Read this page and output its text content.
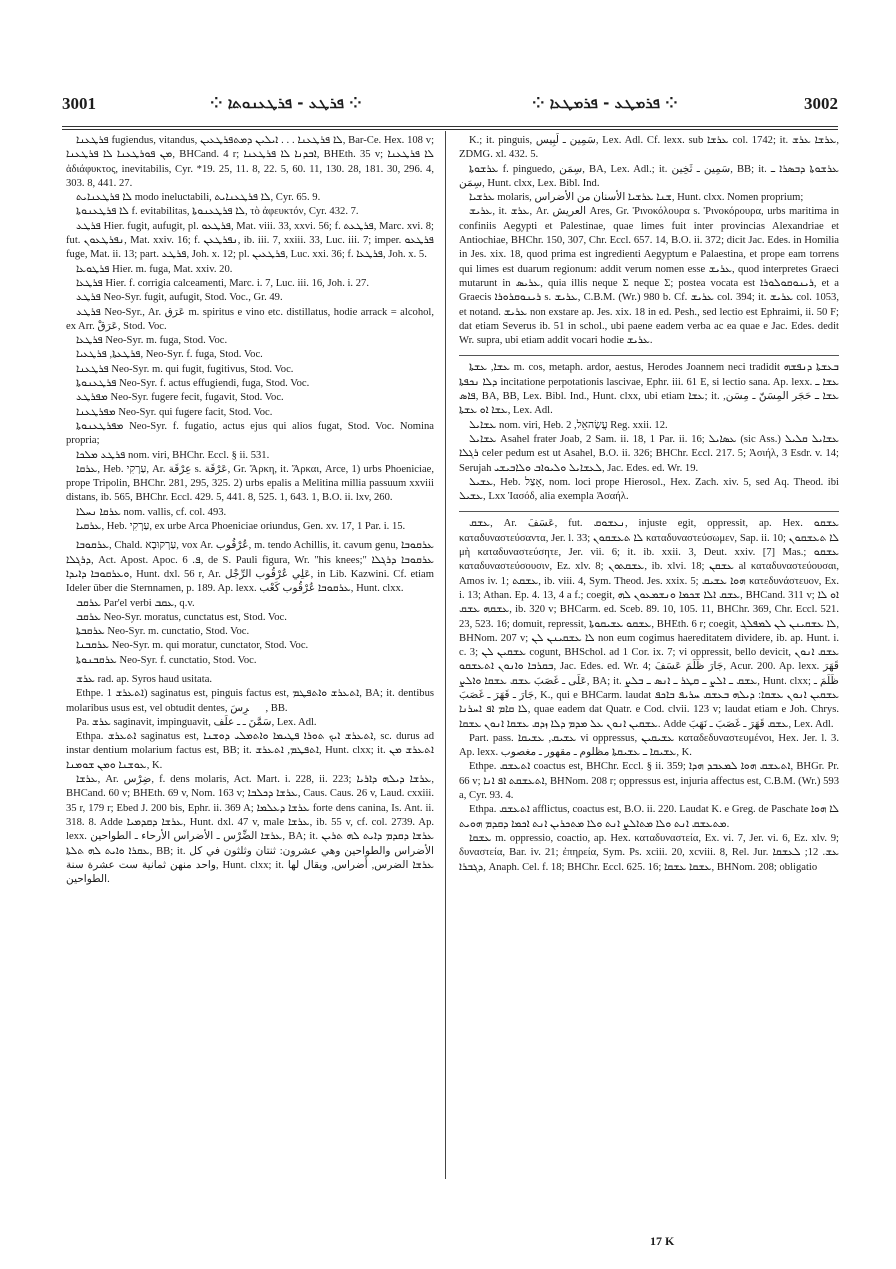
3001	⁘ ܦܪܛܥ - ܦܪܛܥܢܘܬܐ ⁘	⁘ ܦܪܡܛܥ - ܦܪܡܛܥܐ ⁘	3002

ܦܪܛܥܢܐ fugiendus, vitandus, ܠܐ ܦܪܛܥܢܐ . . . ܐܝܠܝܢ ܕܡܬܦܪܛܥܝܢ, Bar-Ce. Hex. 108 v; ܡܢ ܦܘܪܛܥܢܐ ܠܐ ܦܪܛܥܢܐ, BHCand. 4 r; ܐܒܕܢܐ ܠܐ ܦܪܛܥܢܐ, BHEth. 35 v; ܠܐ ܦܪܛܥܢܐ ἀδιάφυκτος, inevitabilis, Cyr. *19. 25, 11. 8, 22. 5, 60. 11, 130. 28, 181. 30, 296. 4, 303. 8, 441. 27.

ܠܐ ܦܪܛܥܢܐܝܬ modo ineluctabili, ܠܐ ܦܪܛܥܢܐܝܬ, Cyr. 65. 9.

ܠܐ ܦܪܛܥܢܘܬܐ f. evitabilitas, ܠܐ ܦܪܛܥܢܘܬܐ, τὸ ἀφευκτόν, Cyr. 432. 7.

ܦܪܛܥ Hier. fugit, aufugit, pl. ܦܪܛܥܘ, Mat. viii. 33, xxvi. 56; f. ܦܪܛܥܬ, Marc. xvi. 8; fut. ܢܦܪܛܥܘܢ, Mat. xxiv. 16; f. ܢܦܪܛܥܢ, ib. iii. 7, xxiii. 33, Luc. iii. 7; imper. ܦܪܛܥܘ fuge, Mat. ii. 13; part. ܦܪܛܥ, Joh. x. 12; pl. ܦܪܛܥܝܢ, Luc. xxi. 36; f. ܦܪܛܥܐ, Joh. x. 5.

ܦܪܛܘܥܐ Hier. m. fuga, Mat. xxiv. 20.

ܦܪܛܥܐ Hier. f. corrigia calceamenti, Marc. i. 7, Luc. iii. 16, Joh. i. 27.

ܦܪܛܥ Neo-Syr. fugit, aufugit, Stod. Voc., Gr. 49.

ܦܪܛܥ Neo-Syr., Ar. عَرَق m. spiritus e vino etc. distillatus, hodie arrack = alcohol, ex Arr. عَرَقْ, Stod. Voc.

ܦܪܛܥܐ Neo-Syr. m. fuga, Stod. Voc.

ܦܪܛܥܬܐ, ܦܪܛܥܝܐ, Neo-Syr. f. fuga, Stod. Voc.

ܦܪܛܥܢܐ Neo-Syr. m. qui fugit, fugitivus, Stod. Voc.

ܦܪܛܥܢܘܬܐ Neo-Syr. f. actus effugiendi, fuga, Stod. Voc.

ܡܦܪܛܥ Neo-Syr. fugere fecit, fugavit, Stod. Voc.

ܡܦܪܛܥܢܐ Neo-Syr. qui fugere facit, Stod. Voc.

ܡܦܪܛܥܢܘܬܐ Neo-Syr. f. fugatio, actus ejus qui alios fugat, Stod. Voc. Nomina propria;

ܦܪܛܥ ܡܠܟܐ nom. viri, BHChr. Eccl. § ii. 531.

ܥܪܩܐ, Heb. עַרְקִי, Ar. عِرْقَة s. عَرْقَة, Gr. Ἄρκη, it. Ἄρκαι, Arce, 1) urbs Phoeniciae, prope Tripolin, BHChr. 281, 295, 325. 2) urbs epalis a Melitina millia passuum xxviii distans, ib. 565, BHChr. Eccl. 429. 5, 441. 8, 525. 1, 643. 1, B.O. ii. lxv, 260.

ܥܪܩܐ ܢܚܠܐ nom. vallis, cf. col. 493.

ܥܪܩܝܐ, Heb. עַרְקִי, ex urbe Arca Phoeniciae oriundus, Gen. xv. 17, 1 Par. i. 15.

ܥܪܩܘܒܐ, Chald. עַרְקוּבָא, vox Ar. عُرْقُوب, m. tendo Achillis, it. cavum genu, ܥܪܩܘܒܐ ܕܪܓܠܐ, Act. Apost. Apoc. ܦ. 6, de S. Pauli figura, Wr. "his knees;" ܥܪܩܘܒܐ ܕܪܓܠܐ ܘܥܪܩܘܒܐ ܕܐܝܕܐ, Hunt. dxl. 56 r, Ar. عَلِي عُرْقُوب الرِّجْل, in Lib. Kazwini. Cf. etiam Ideler über die Sternnamen, p. 189. Ap. lexx. ܥܪܩܘܒܐ عُرْقُوب كَعْب, Hunt. clxx.

ܥܪܩܒ Par'el verbi ܥܩܒ, q.v.

ܥܪܩܒ Neo-Syr. moratus, cunctatus est, Stod. Voc.

ܥܪܩܒܬܐ Neo-Syr. m. cunctatio, Stod. Voc.

ܥܪܩܒܢܐ Neo-Syr. m. qui moratur, cunctator, Stod. Voc.

ܥܪܩܒܢܘܬܐ Neo-Syr. f. cunctatio, Stod. Voc.

ܥܪܫ rad. ap. Syros haud usitata.

Ethpe. ܐܬܥܪܫ 1) saginatus est, pinguis factus est, ܐܬܥܪܫ ܘܐܬܦܛܡ, BA; it. dentibus molaribus usus est, vel obtudit dentes, ܩُرِسَ, BB.

Pa. ܥܪܫ saginavit, impinguavit, سَمَّنَ ـ ـ علَف, Lex. Adl.

Ethpa. ܐܬܥܪܫ saginatus est, ܐܬܥܪܫ ܐܝܟ ܬܘܪܐ ܦܛܝܡܐ ܘܐܬܡܠܝ ܕܘܫܢܐ, sc. durus ad instar dentium molarium factus est, BB; it. ܐܬܦܛܡ, ܐܬܥܪܫ, Hunt. clxx; it. ܐܬܥܪܫ ܡܢ ܥܘܫܢܐ ܘܡܢ ܫܘܡܢܐ, K.

ܥܪܫܐ, Ar. ضِرْس, f. dens molaris, Act. Mart. i. 228, ii. 223; ܥܪܫܐ ܕܝܠܗ ܕܐܪܝܐ, BHCand. 60 v; BHEth. 69 v, Nom. 163 v; ܥܪܫܐ ܕܟܠܒܐ, Caus. Caus. 26 v, Laud. cxxiii. 35 r, 179 r; Ebed J. 200 bis, Ephr. ii. 369 A; ܥܪܫܐ ܕܥܠܡܐ forte dens canina, Is. Ant. ii. 318. 8. Adde ܥܪܫܐ ܕܩܕܡܝܐ, Hunt. dxl. 47 v, male ܥܪܫܐ, ib. 55 v, cf. col. 2739. Ap. lexx. ܥܪܫܐ الضِّرْس ـ الأضراس الأرحاء ـ الطواحين, BA; it. ܥܪܫܐ ܕܩܕܡ ܕܐܝܬ ܠܗ ܬܪܝܢ ܥܩܪܐ ܘܐܝܬ ܠܗ ܬܠܬܐ, BB; it. الأضراس والطواحين وهي عشرون: ثنتان وثلثون في كل واحد منهن ثمانية ست عشرة سنة, Hunt. clxx; it. ܥܪܫܐ الضرس, أضراس, ويقال لها الطواحين.

K.; it. pinguis, سَمِين ـ لَبِيس, Lex. Adl. Cf. lexx. sub ܥܪܫܐ col. 1742; it. ܥܪܫܐ ܥܪܫ, ZDMG. xl. 432. 5.

ܥܪܫܘܬܐ f. pinguedo, سِمَن, BA, Lex. Adl.; it. سَمِين ـ ثَخِين, BB; it. ܥܪܫܘܬܐ ܕܒܣܪܐ ـ سِمَن, Hunt. clxx, Lex. Bibl. Ind.

ܥܪܫܝܐ molaris, ܫܢܐ ܥܪܫܝܐ الأسنان من الأضراس, Hunt. clxx. Nomen proprium;

ܥܪܝܫ, it. ܥܪܫ, Ar. العريش Ares, Gr. Ῥινοκόλουρα s. Ῥινοκόρουρα, urbs maritima in confiniis Aegypti et Palestinae, quae limes fuit inter provincias Alexandriae et Antiochiae, BHChr. 150, 307, Chr. Eccl. 657. 14, B.O. ii. 372; dicit Jac. Edes. in Homilia in Jes. xix. 18, quod prima est ingredienti Aegyptum e Palaestina, et prope eam torrens qui limes est duarum regionum: addit verum nomen esse ܥܪܝܫ, quod interpretes Graeci mutarunt in ܥܪܝܣ, quia illis neque Σ neque Σ; postea vocata est ܪܝܢܘܩܘܠܘܪܐ, et a Graecis ܪܝܢܘܩܪܘܪܐ s. ܥܪܝܫ, C.B.M. (Wr.) 980 b. Cf. ܥܪܝܫ col. 394; it. ܥܪܝܫ col. 1053, et notand. ܥܪܝܫ non exstare ap. Jes. xix. 18 in ed. Pesh., sed lectio est Ephraimi, ii. 50 F; dat etiam Severus ib. 51 in schol., ubi paene eadem verba ac ea quae e Jac. Edes. dedit Wr. supra, ubi etiam addit vocari hodie ܥܪܝܫ.

ܥܫܐ, ܥܫܬܐ m. cos, metaph. ardor, aestus, Herodes Joannem neci tradidit ܒܥܫܬܐ ܕܢܦܫܗ ܕܠܐ ܢܟܦܬܐ incitatione perpotationis lascivae, Ephr. iii. 61 E, si lectio sana. Ap. lexx. ܥܫܐ ـ ܦܐܣ, BA, BB, Lex. Bibl. Ind., Hunt. clxx, ubi etiam ܥܫܐ; it. ܥܫܐ ـ حَجَر المِسَنّ ـ مِسَن, ܥܫܐ ܐܘ ܥܫܬܐ, Lex. Adl.

ܥܫܐܝܠ nom. viri, Heb. עֲשָׂהאֵל, 2 Reg. xxii. 12.

ܥܫܐܝܠ Asahel frater Joab, 2 Sam. ii. 18, 1 Par. ii. 16; ܥܣܐܝܠ (sic Ass.) ܥܫܐܝܠ ܩܠܝܠ ܪܓܠܐ celer pedum est ut Asahel, B.O. ii. 326; BHChr. Eccl. 217. 5; Ἀσιήλ, 3 Esdr. v. 14; Serujah ܠܥܫܐܝܠ ܘܠܝܘܐܒ ܘܠܐܒܝܫܝ, Jac. Edes. ed. Wr. 19.

ܥܫܝܠ, Heb. אָצַל, nom. loci prope Hierosol., Hex. Zach. xiv. 5, sed Aq. Theod. ibi ܥܫܝܠ, Lxx Ἰασόδ, alia exempla Ἀσαήλ.

ܥܫܩ, Ar. عَسَفَ, fut. ܢܥܫܘܩ, injuste egit, oppressit, ap. Hex. ܥܫܩܘ καταδυναστεύσαντα, Jer. l. 33; ܠܐ ܬܥܫܩܘܢ καταδυναστεύσωμεν, Sap. ii. 10; ܠܐ ܬܥܫܩܘܢ μὴ καταδυναστεύσητε, Jer. vii. 6; it. ib. xxii. 3, Deut. xxiv. [7] Mas.; ܥܫܩܘ καταδυναστεύσουσιν, Ez. xlv. 8; ܥܫܩܬܘܢ, ib. xlvi. 18; ܥܫܩܢ al καταδυναστεύουσαι, Amos iv. 1; ܥܫܩܬ, ib. viii. 4, Sym. Theod. Jes. xxix. 5; ܗܘܐ ܥܫܝܩ κατεδυνάστευον, Ex. i. 13; Athan. Ep. 4. 13, 4 a f.; coegit, ܥܫܩ ܐܠܐ ܫܟܡܐ ܘܢܫܡܥܘܢ ܠܗ, BHCand. 311 v; ܐܘ ܠܐ ܥܫܩܗ ܥܫܩ, ib. 320 v; BHCarm. ed. Sceb. 89. 10, 105. 11, BHChr. 369, Chr. Eccl. 521. 23, 523. 16; domuit, repressit, ܥܫܩܘ ܥܫܝܩܘܬܐ, BHEth. 6 r; coegit, ܠܐ ܥܫܩܝܢܢ ܠܢ ܠܡܦܠܓ, BHNom. 207 v; ܠܐ ܥܫܩܝܢܢ ܠܢ non eum cogimus haereditatem dividere, ib. ap. Hunt. i. c. 3; ܥܫܩܝܢ ܠܢ cogunt, BHSchol. ad 1 Cor. ix. 7; vi oppressit, bello devicit, ܥܫܩ ܐܢܘܢ ܒܩܪܒܐ ܘܐܢܘܢ ܐܬܥܫܩܘ, Jac. Edes. ed. Wr. 4; جَارَ ظَلَمَ عَسَفَ, Acur. 200. Ap. lexx. قَهَرَ عَلَى ـ غَصَبَ ܥܫܩ ܥܫܩܐ ܘܐܠܨ, BA; it. ܥܫܩ ـ ܐܠܨ ـ ܩܛܪ ـ ܐܢܣ ـ ܒܠܨ, Hunt. clxx; ظَلَمَ ـ جَارَ ـ قَهَرَ ـ غَصَبَ, K., qui e BHCarm. laudat ܥܫܩܝܢ ܐܢܘܢ ܥܫܩܐ: ܕܝܠܗ ܒܥܫܩ ܚܪܝܦ ܒܐܟܦ ܠܐ ܩܐܡ ܐܦ ܐܚܪܢܐ, quae eadem dat Quatr. e Cod. clvii. 123 v; laudat etiam e Joh. Chrys. ܥܫܩܝܢ ܐܢܘܢ ܥܠ ܡܕܡ ܕܠܐ ܙܕܩ ܥܫܩܐ ܐܢܘܢ ܥܫܩܐ. Adde ܥܫܩ قَهَرَ ـ غَصَبَ ـ نَهَبَ, Lex. Adl.

Part. pass. ܥܫܝܩ, ܥܫܝܩܐ vi oppressus, ܥܫܝܩܝܢ καταδεδυναστευμένοι, Hex. Jer. l. 3. Ap. lexx. ܥܫܝܩܐ ـ ܥܫܝܩܬܐ مظلوم ـ مقهور ـ مغصوب, K.

Ethpe. ܐܬܥܫܩ coactus est, BHChr. Eccl. § ii. 359; ܐܬܥܫܩ ܗܘܐ ܠܡܥܒܕ ܗܕܐ, BHGr. Pr. 66 v; ܐܬܥܫܩܬ ܐܦ ܐܢܐ, BHNom. 208 r; oppressus est, injuria affectus est, C.B.M. (Wr.) 593 a, Cyr. 93. 4.

Ethpa. ܐܬܥܫܩ afflictus, coactus est, B.O. ii. 220. Laudat K. e Greg. de Paschate ܠܐ ܗܘܐ ܡܬܥܫܩ ܐܢܬ ܘܠܐ ܡܬܐܠܨ ܐܢܬ ܘܠܐ ܡܬܟܪܝܢ ܐܢܬ ܐܟܡܐ ܕܩܕܡ ܗܘܝܬ.

ܥܫܩܐ m. oppressio, coactio, ap. Hex. καταδυναστεία, Ex. vi. 7, Jer. vi. 6, Ez. xlv. 9; δυναστεία, Bar. iv. 21; ἐπηρεία, Sym. Ps. xciii. 20, xcviii. 8, Rel. Jur. ܥܫ. 12; ܠܥܫܩܐ ܕܓܒܪܐ, Anaph. Cel. f. 18; BHChr. Eccl. 625. 16; ܥܫܩܐ ܥܫܩܐ, BHNom. 208; obligatio

17 K
